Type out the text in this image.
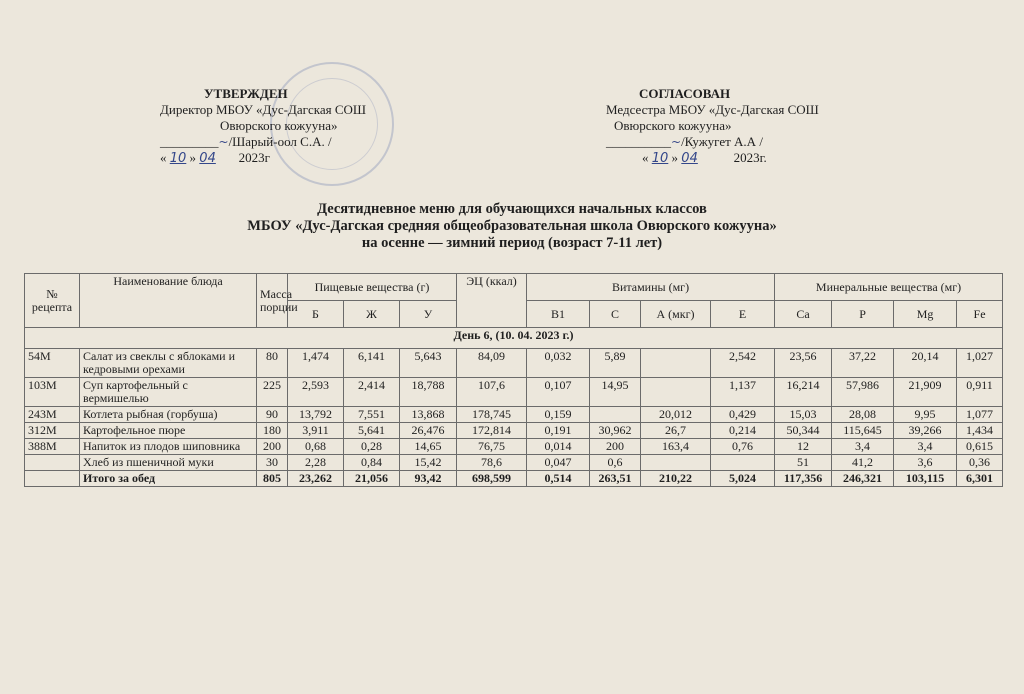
УТВЕРЖДЕН
Директор МБОУ «Дус-Дагская СОШ
Овюрского кожууна»
_________~/Шарый-оол С.А. /
« 10 » 04 2023г
СОГЛАСОВАН
Медсестра МБОУ «Дус-Дагская СОШ
Овюрского кожууна»
__________~/Кужугет А.А /
« 10 » 04	2023г.
Десятидневное меню для обучающихся начальных классов
МБОУ «Дус-Дагская средняя общеобразовательная школа Овюрского кожууна»
на осенне — зимний период (возраст 7-11 лет)
№ рецепта	Наименование блюда	Масса порции	Пищевые вещества (г)			ЭЦ (ккал)	Витамины (мг)				Минеральные вещества (мг)			
			Б	Ж	У		В1	С	А (мкг)	Е	Са	Р	Mg	Fe
День 6, (10. 04. 2023 г.)														
54М	Салат из свеклы с яблоками и кедровыми орехами	80	1,474	6,141	5,643	84,09	0,032	5,89		2,542	23,56	37,22	20,14	1,027
103М	Суп картофельный с вермишелью	225	2,593	2,414	18,788	107,6	0,107	14,95		1,137	16,214	57,986	21,909	0,911
243М	Котлета рыбная (горбуша)	90	13,792	7,551	13,868	178,745	0,159		20,012	0,429	15,03	28,08	9,95	1,077
312М	Картофельное пюре	180	3,911	5,641	26,476	172,814	0,191	30,962	26,7	0,214	50,344	115,645	39,266	1,434
388М	Напиток из плодов шиповника	200	0,68	0,28	14,65	76,75	0,014	200	163,4	0,76	12	3,4	3,4	0,615
	Хлеб из пшеничной муки	30	2,28	0,84	15,42	78,6	0,047	0,6			51	41,2	3,6	0,36
	Итого за обед	805	23,262	21,056	93,42	698,599	0,514	263,51	210,22	5,024	117,356	246,321	103,115	6,301
